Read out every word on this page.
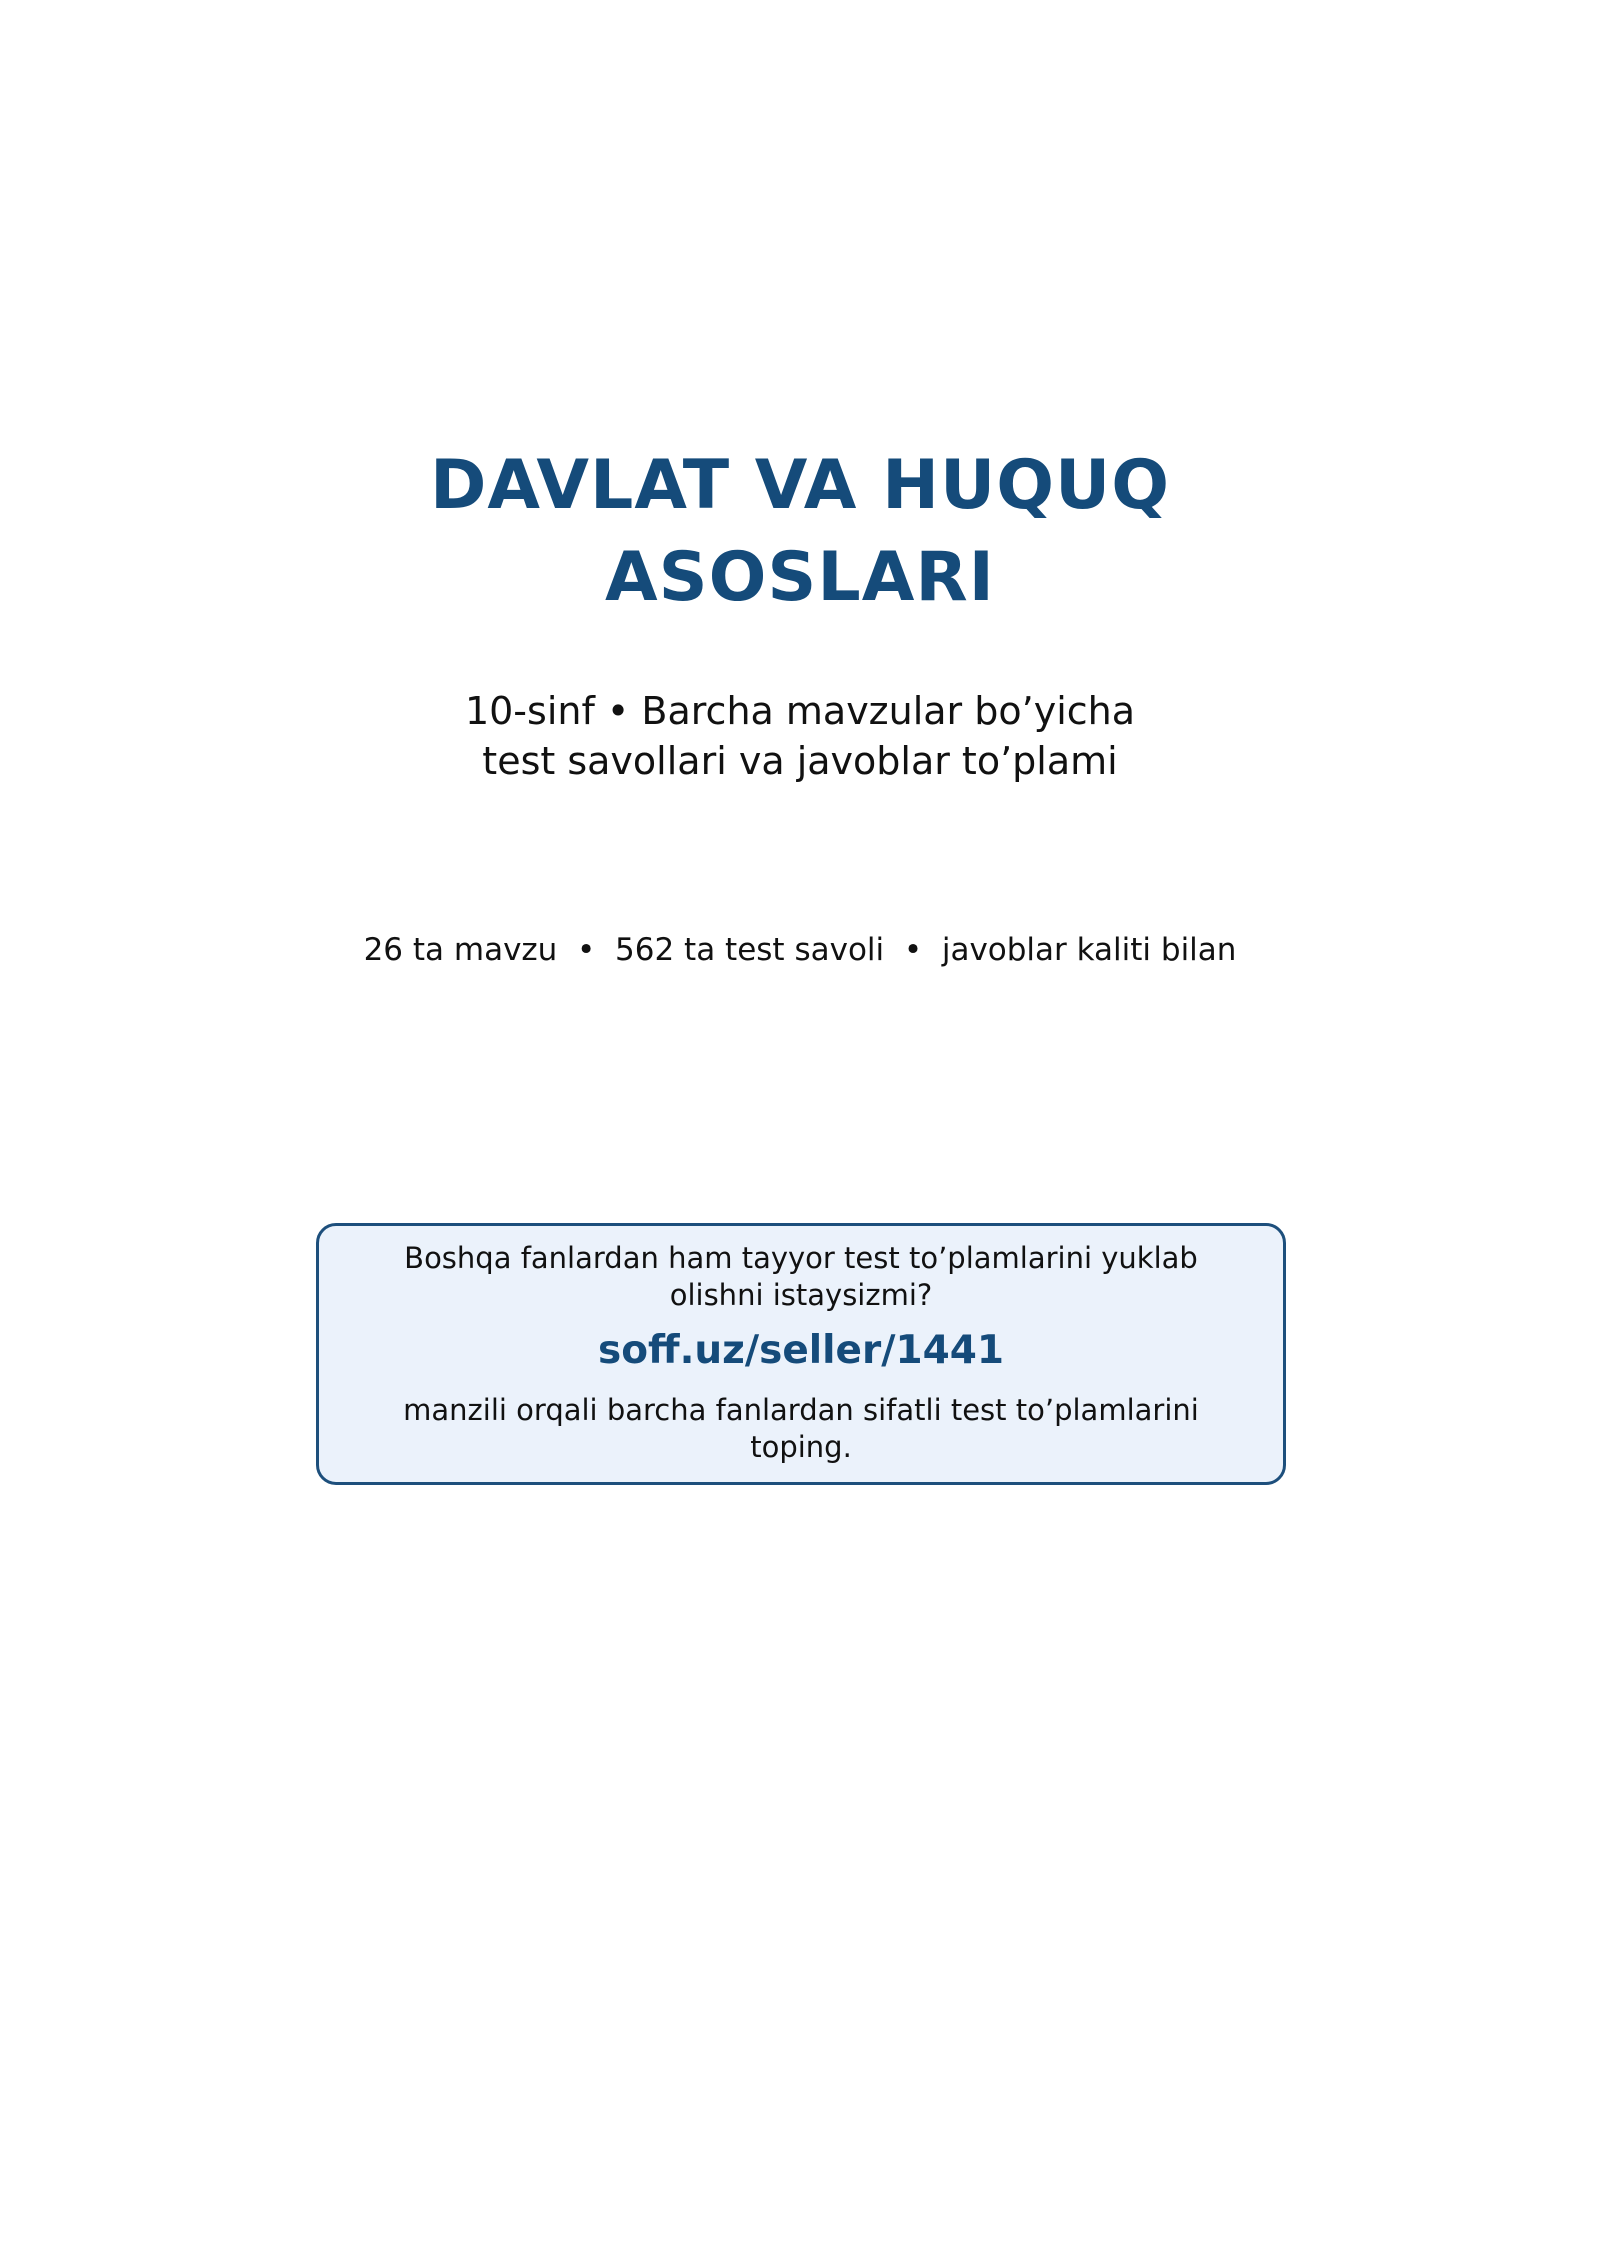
DAVLAT VA HUQUQ
ASOSLARI
10-sinf • Barcha mavzular bo’yicha
test savollari va javoblar to’plami
26 ta mavzu  •  562 ta test savoli  •  javoblar kaliti bilan
Boshqa fanlardan ham tayyor test to’plamlarini yuklab
olishni istaysizmi?
soff.uz/seller/1441
manzili orqali barcha fanlardan sifatli test to’plamlarini
toping.
